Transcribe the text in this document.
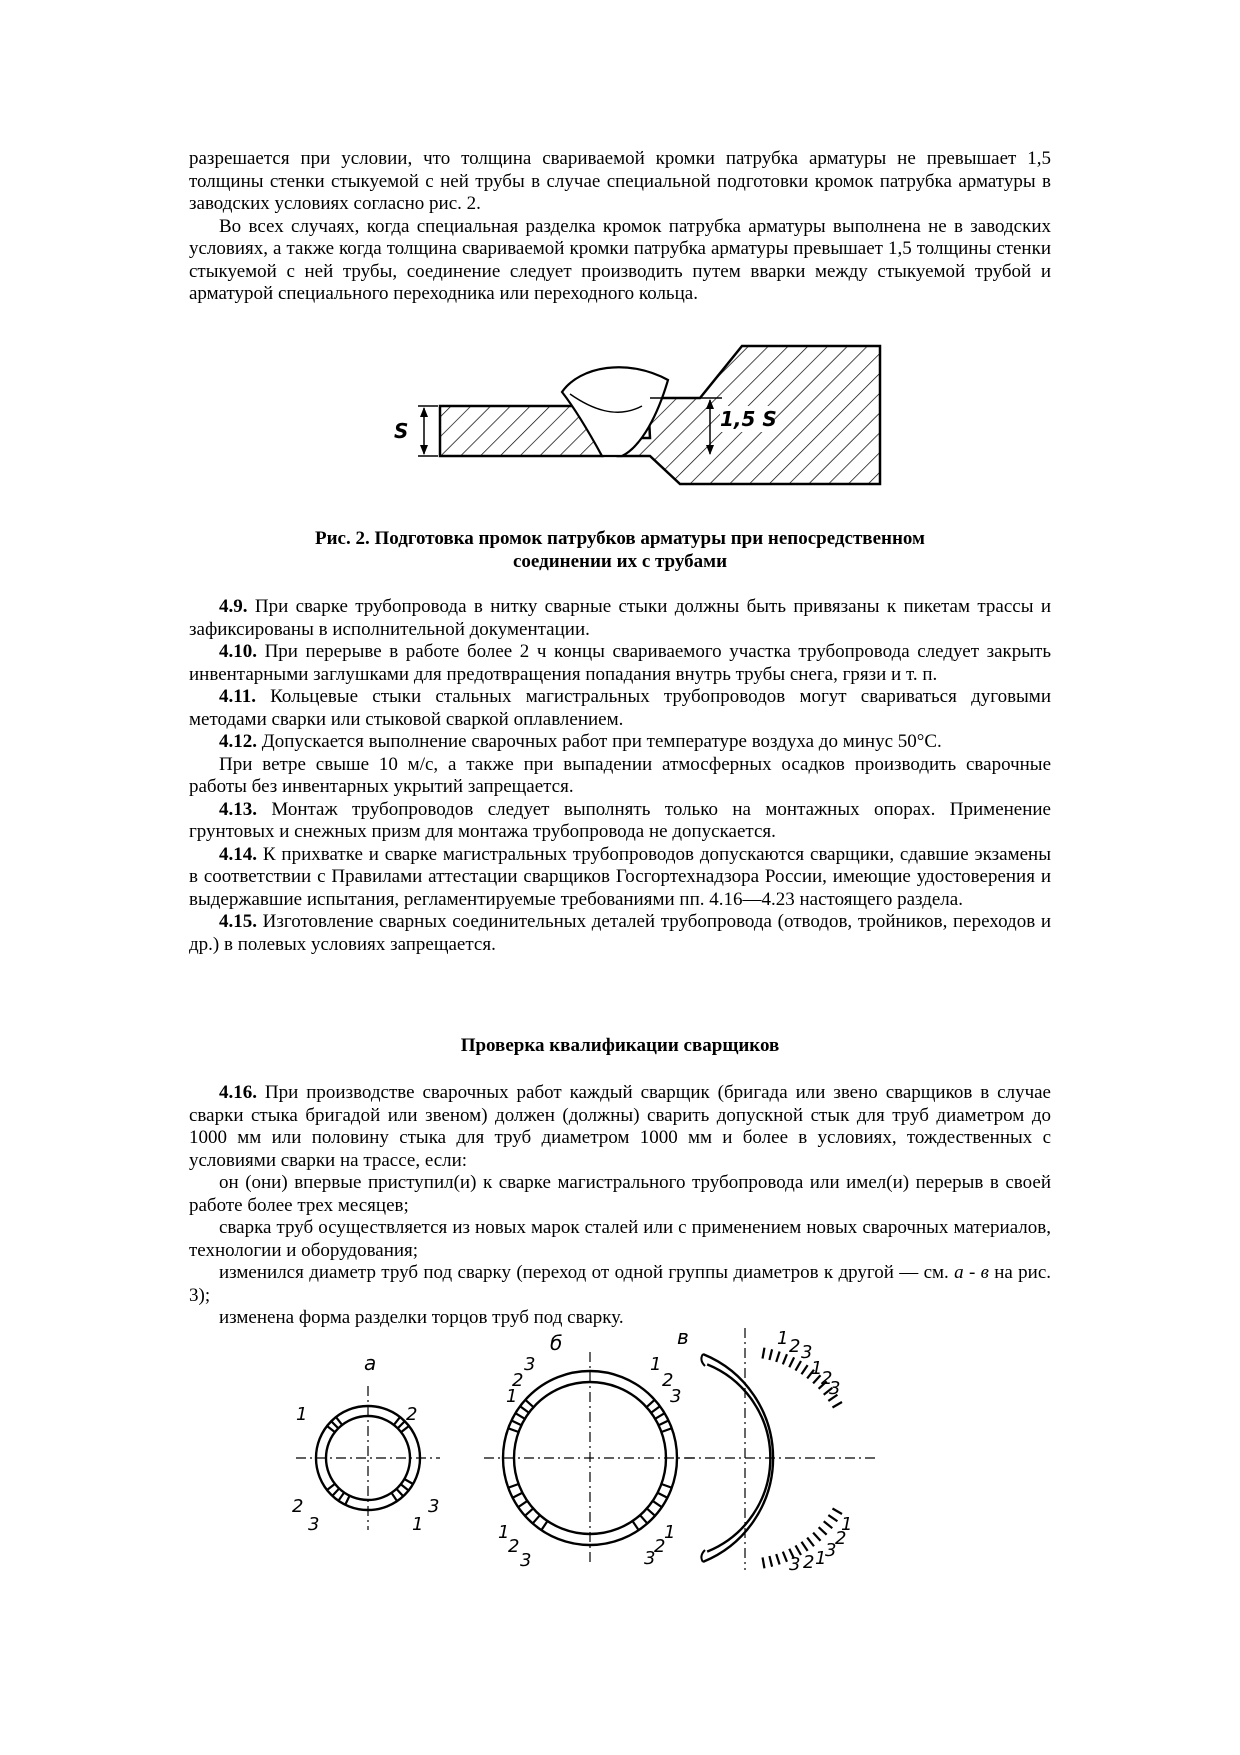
разрешается при условии, что толщина свариваемой кромки патрубка арматуры не превышает 1,5 толщины стенки стыкуемой с ней трубы в случае специальной подготовки кромок патрубка арматуры в заводских условиях согласно рис. 2.

Во всех случаях, когда специальная разделка кромок патрубка арматуры выполнена не в заводских условиях, а также когда толщина свариваемой кромки патрубка арматуры превышает 1,5 толщины стенки стыкуемой с ней трубы, соединение следует производить путем вварки между стыкуемой трубой и арматурой специального переходника или переходного кольца.

S	1,5 S

Рис. 2. Подготовка промок патрубков арматуры при непосредственном

соединении их с трубами

4.9. При сварке трубопровода в нитку сварные стыки должны быть привязаны к пикетам трассы и зафиксированы в исполнительной документации.

4.10. При перерыве в работе более 2 ч концы свариваемого участка трубопровода следует закрыть инвентарными заглушками для предотвращения попадания внутрь трубы снега, грязи и т. п.

4.11. Кольцевые стыки стальных магистральных трубопроводов могут свариваться дуговыми методами сварки или стыковой сваркой оплавлением.

4.12. Допускается выполнение сварочных работ при температуре воздуха до минус 50°С.

При ветре свыше 10 м/с, а также при выпадении атмосферных осадков производить сварочные работы без инвентарных укрытий запрещается.

4.13. Монтаж трубопроводов следует выполнять только на монтажных опорах. Применение грунтовых и снежных призм для монтажа трубопровода не допускается.

4.14. К прихватке и сварке магистральных трубопроводов допускаются сварщики, сдавшие экзамены в соответствии с Правилами аттестации сварщиков Госгортехнадзора России, имеющие удостоверения и выдержавшие испытания, регламентируемые требованиями пп. 4.16—4.23 настоящего раздела.

4.15. Изготовление сварных соединительных деталей трубопровода (отводов, тройников, переходов и др.) в полевых условиях запрещается.

Проверка квалификации сварщиков

4.16. При производстве сварочных работ каждый сварщик (бригада или звено сварщиков в случае сварки стыка бригадой или звеном) должен (должны) сварить допускной стык для труб диаметром до 1000 мм или половину стыка для труб диаметром 1000 мм и более в условиях, тождественных с условиями сварки на трассе, если:

он (они) впервые приступил(и) к сварке магистрального трубопровода или имел(и) перерыв в своей работе более трех месяцев;

сварка труб осуществляется из новых марок сталей или с применением новых сварочных материалов, технологии и оборудования;

изменился диаметр труб под сварку (переход от одной группы диаметров к другой — см. а - в на рис. 3);

изменена форма разделки торцов труб под сварку.

а
1	2
2
3
3
1
б
1
2
3	1
2
3
1
2
3	3
2
1
в	1 2 3
1
2
3
1
2
3
1
2
3
